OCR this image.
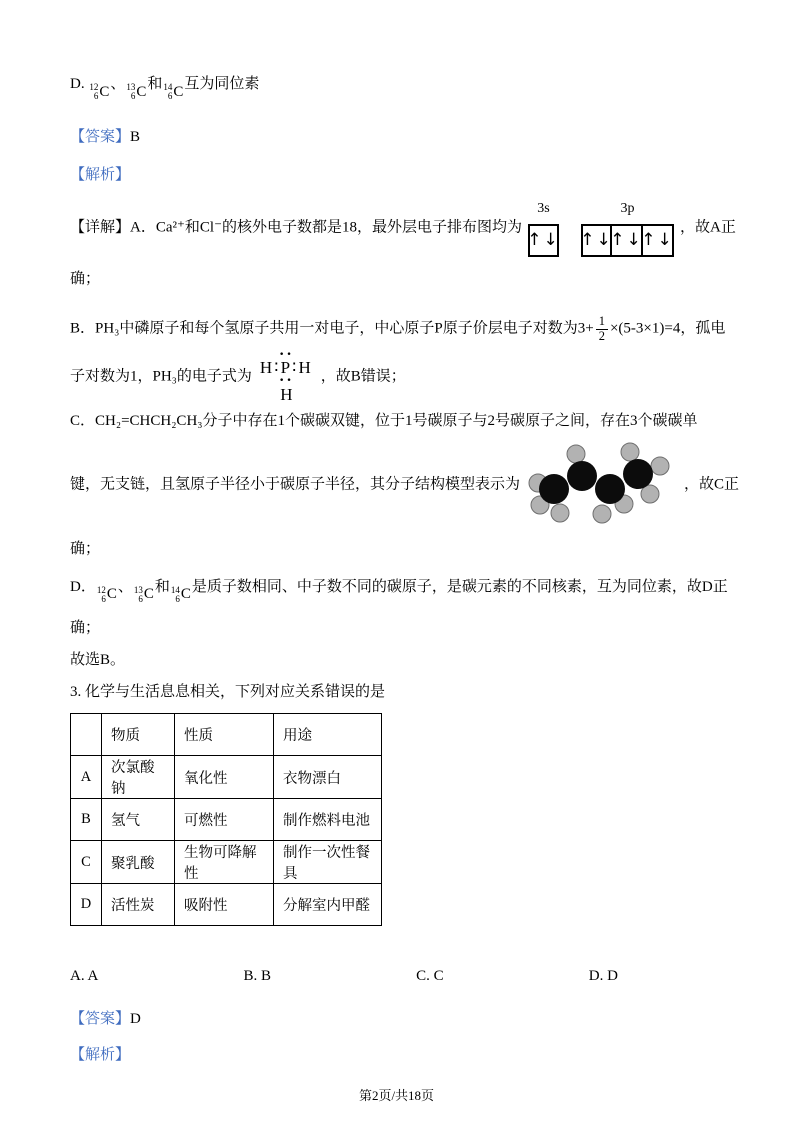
D. 12
6 C 、 13
6 C 和 14
6 C 互为同位素
【答案】B
【解析】
【详解】A．Ca²⁺和Cl⁻的核外电子数都是18，最外层电子排布图均为
3s
↑↓
3p
↑↓
↑↓
↑↓
，故A正
确；
B．PH₃中磷原子和每个氢原子共用一对电子，中心原子P原子价层电子对数为$3+ \frac{1}{2} \times(5-3\times 1)=4$，孤电
子对数为1，PH₃的电子式为
··
H∶P∶H
··
H
，故B错误；
C．CH₂=CHCH₂CH₃分子中存在1个碳碳双键，位于1号碳原子与2号碳原子之间，存在3个碳碳单
键，无支链，且氢原子半径小于碳原子半径，其分子结构模型表示为	，故C正
确；
D． 12
6 C 、 13
6 C 和 14
6 C 是质子数相同、中子数不同的碳原子，是碳元素的不同核素，互为同位素，故D正
确；
故选B。
3. 化学与生活息息相关，下列对应关系错误的是
	物质	性质	用途
A	次氯酸钠	氧化性	衣物漂白
B	氢气	可燃性	制作燃料电池
C	聚乳酸	生物可降解性	制作一次性餐具
D	活性炭	吸附性	分解室内甲醛
A. A	B. B	C. C	D. D
【答案】D
【解析】
第2页/共18页
